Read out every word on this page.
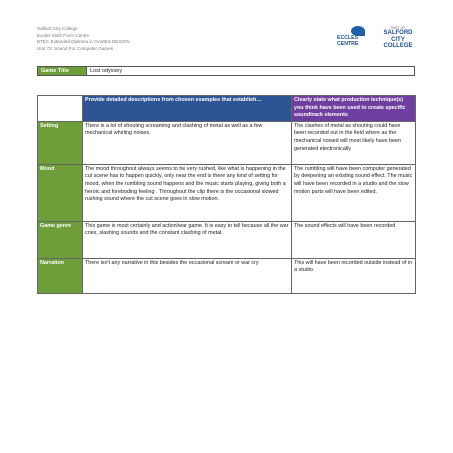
Salford City College
Eccles Sixth Form Centre
BTEC Extended Diploma in GAMES DESIGN
Unit 73: Sound For Computer Games
ECCLES
CENTRE
PART OF
SALFORD
CITY
COLLEGE
Game Title	Lost odyssey
	Provide detailed descriptions from chosen examples that establish…	Clearly state what production technique(s) you think have been used to create specific soundtrack elements
Setting	There is a lot of shouting screaming and clashing of metal as well as a few mechanical whirling noises.	The clashes of metal as shouting could have been recorded out in the field where as the mechanical noised will most likely have been generated electronically
Mood	The mood throughout always seems to be very rushed, like what is happening in the cut scene has to happen quickly, only near the end is there any kind of setting for mood, when the rumbling sound happens and the music starts playing, giving both a heroic and foreboding feeling . Throughout the clip there is the occasional slowed rushing sound where the cut scene goes in slow motion.	The rumbling will have been computer generated by deepening an existing sound effect. The music will have been recorded in a studio and the slow motion parts will have been edited.
Game genre	This game is most certainly and action/war game. It is easy to tell because all the war cries, slashing sounds and the constant clashing of metal.	The sound effects will have been recorded
Narration	There isn't any narrative in this besides the occasional scream or war cry	This will have been recorded outside instead of in a studio.
